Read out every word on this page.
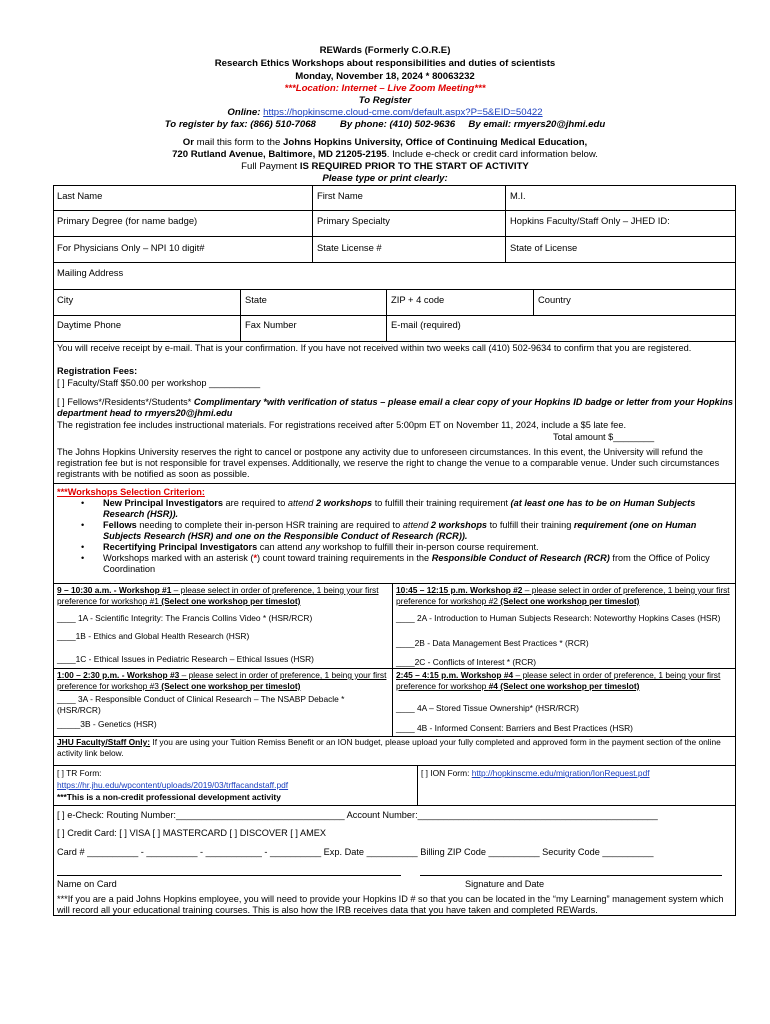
REWards (Formerly C.O.R.E)
Research Ethics Workshops about responsibilities and duties of scientists
Monday, November 18, 2024 * 80063232
***Location: Internet – Live Zoom Meeting***
To Register
Online: https://hopkinscme.cloud-cme.com/default.aspx?P=5&EID=50422
To register by fax: (866) 510-7068	By phone: (410) 502-9636 By email: rmyers20@jhmi.edu
Or mail this form to the Johns Hopkins University, Office of Continuing Medical Education,
720 Rutland Avenue, Baltimore, MD 21205-2195. Include e-check or credit card information below.
Full Payment IS REQUIRED PRIOR TO THE START OF ACTIVITY
Please type or print clearly:
Last Name	First Name	M.I.
Primary Degree (for name badge)	Primary Specialty	Hopkins Faculty/Staff Only – JHED ID:
For Physicians Only – NPI 10 digit#	State License #	State of License
Mailing Address
City	State	ZIP + 4 code	Country
Daytime Phone	Fax Number	E-mail (required)
You will receive receipt by e-mail. That is your confirmation. If you have not received within two weeks call (410) 502-9634 to confirm that you are registered.
Registration Fees:
[ ] Faculty/Staff $50.00 per workshop __________
[ ] Fellows*/Residents*/Students* Complimentary *with verification of status – please email a clear copy of your Hopkins ID badge or letter from your Hopkins department head to rmyers20@jhmi.edu
The registration fee includes instructional materials. For registrations received after 5:00pm ET on November 11, 2024, include a $5 late fee.
Total amount $________
The Johns Hopkins University reserves the right to cancel or postpone any activity due to unforeseen circumstances. In this event, the University will refund the registration fee but is not responsible for travel expenses. Additionally, we reserve the right to change the venue to a comparable venue. Under such circumstances registrants with be notified as soon as possible.
***Workshops Selection Criterion:
• New Principal Investigators are required to attend 2 workshops to fulfill their training requirement (at least one has to be on Human Subjects Research (HSR)).
• Fellows needing to complete their in-person HSR training are required to attend 2 workshops to fulfill their training requirement (one on Human Subjects Research (HSR) and one on the Responsible Conduct of Research (RCR)).
• Recertifying Principal Investigators can attend any workshop to fulfill their in-person course requirement.
• Workshops marked with an asterisk (*) count toward training requirements in the Responsible Conduct of Research (RCR) from the Office of Policy Coordination
9 – 10:30 a.m. - Workshop #1 – please select in order of preference, 1 being your first preference for workshop #1 (Select one workshop per timeslot)
____ 1A - Scientific Integrity: The Francis Collins Video * (HSR/RCR)
____1B - Ethics and Global Health Research (HSR)
____1C - Ethical Issues in Pediatric Research – Ethical Issues (HSR)
10:45 – 12:15 p.m. Workshop #2 – please select in order of preference, 1 being your first preference for workshop #2 (Select one workshop per timeslot)
____ 2A - Introduction to Human Subjects Research: Noteworthy Hopkins Cases (HSR)
____2B - Data Management Best Practices * (RCR)
____2C - Conflicts of Interest * (RCR)
1:00 – 2:30 p.m. - Workshop #3 – please select in order of preference, 1 being your first preference for workshop #3 (Select one workshop per timeslot)
____ 3A - Responsible Conduct of Clinical Research – The NSABP Debacle * (HSR/RCR)
_____3B - Genetics (HSR)
2:45 – 4:15 p.m. Workshop #4 – please select in order of preference, 1 being your first preference for workshop #4 (Select one workshop per timeslot)
____ 4A – Stored Tissue Ownership* (HSR/RCR)
____ 4B - Informed Consent: Barriers and Best Practices (HSR)
JHU Faculty/Staff Only: If you are using your Tuition Remiss Benefit or an ION budget, please upload your fully completed and approved form in the payment section of the online activity link below.
[ ] TR Form:
https://hr.jhu.edu/wpcontent/uploads/2019/03/trffacandstaff.pdf
***This is a non-credit professional development activity
[ ] ION Form: http://hopkinscme.edu/migration/IonRequest.pdf
[ ] e-Check: Routing Number:_________________________________ Account Number:_______________________________________________
[ ] Credit Card: [ ] VISA [ ] MASTERCARD [ ] DISCOVER [ ] AMEX
Card # __________ - __________ - ___________ - __________ Exp. Date __________ Billing ZIP Code __________ Security Code __________
Name on Card	Signature and Date
***If you are a paid Johns Hopkins employee, you will need to provide your Hopkins ID # so that you can be located in the “my Learning” management system which will record all your educational training courses. This is also how the IRB receives data that you have taken and completed REWards.
